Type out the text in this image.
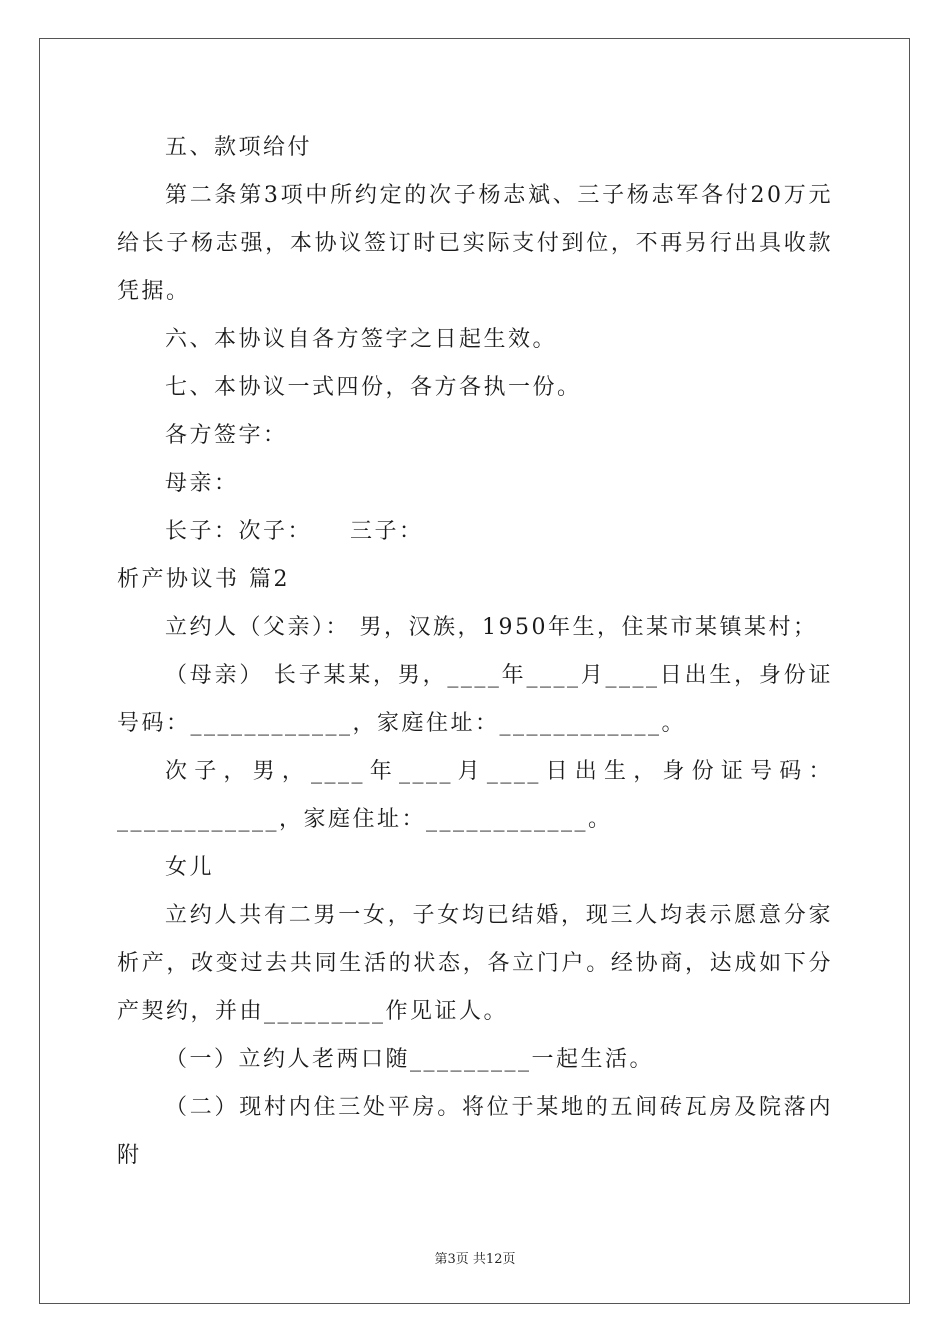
五、款项给付

第二条第3项中所约定的次子杨志斌、三子杨志军各付20万元给长子杨志强，本协议签订时已实际支付到位，不再另行出具收款凭据。

六、本协议自各方签字之日起生效。

七、本协议一式四份，各方各执一份。

各方签字：

母亲：

长子：次子：    三子：

析产协议书 篇2

立约人（父亲）： 男，汉族，1950年生，住某市某镇某村；

（母亲） 长子某某，男，____年____月____日出生，身份证号码：____________，家庭住址：____________。

次子，男，____年____月____日出生，身份证号码：____________，家庭住址：____________。

女儿

立约人共有二男一女，子女均已结婚，现三人均表示愿意分家析产，改变过去共同生活的状态，各立门户。经协商，达成如下分产契约，并由_________作见证人。

（一）立约人老两口随_________一起生活。

（二）现村内住三处平房。将位于某地的五间砖瓦房及院落内附

第3页 共12页
